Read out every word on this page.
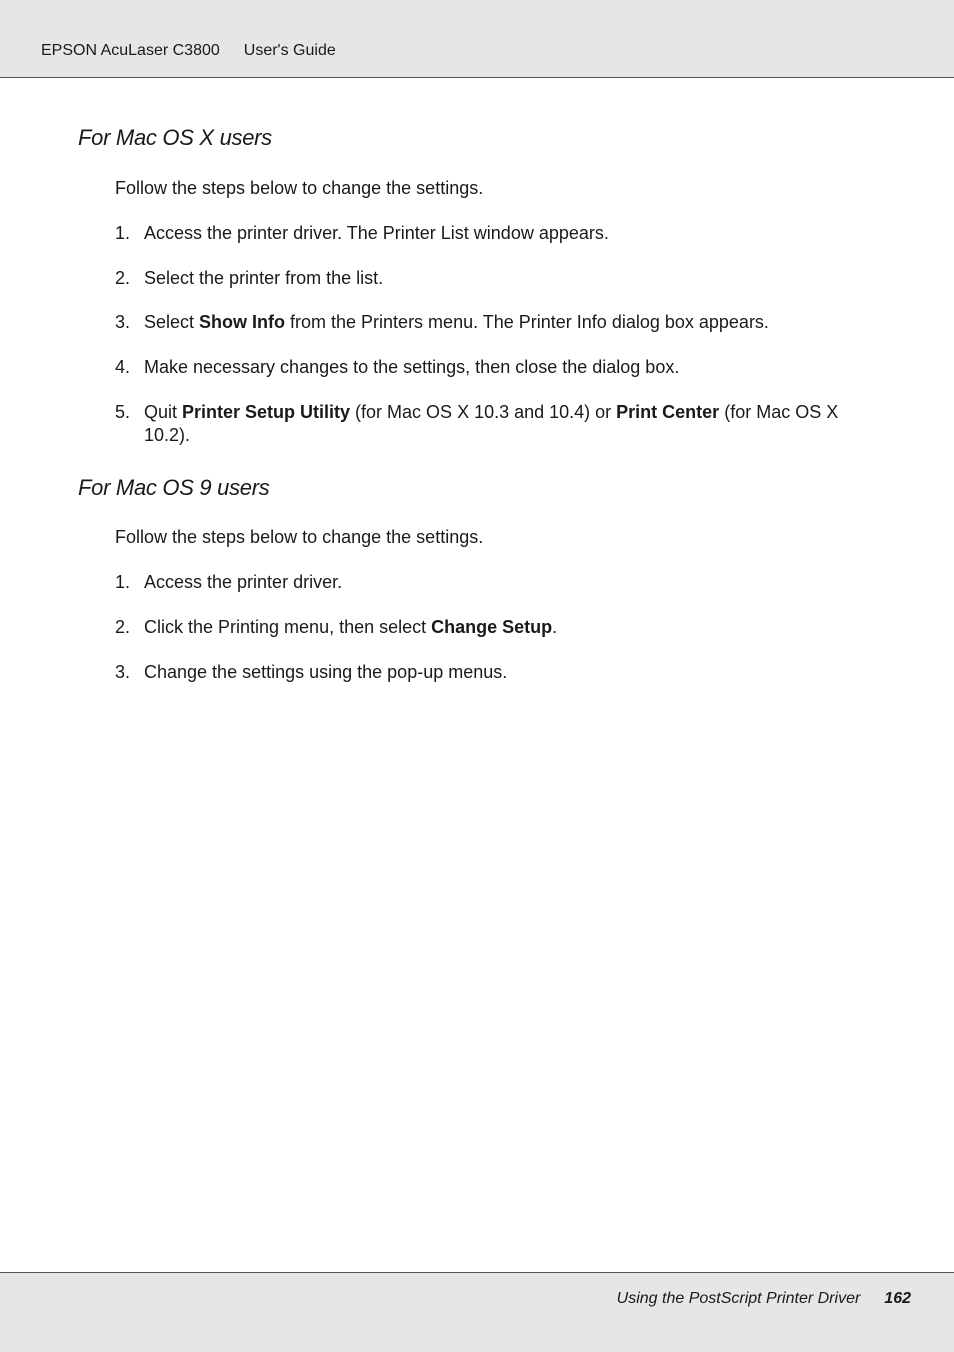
EPSON AcuLaser C3800 User's Guide
For Mac OS X users

Follow the steps below to change the settings.

1. Access the printer driver. The Printer List window appears.
2. Select the printer from the list.
3. Select Show Info from the Printers menu. The Printer Info dialog box appears.
4. Make necessary changes to the settings, then close the dialog box.
5. Quit Printer Setup Utility (for Mac OS X 10.3 and 10.4) or Print Center (for Mac OS X 10.2).
For Mac OS 9 users

Follow the steps below to change the settings.

1. Access the printer driver.
2. Click the Printing menu, then select Change Setup.
3. Change the settings using the pop-up menus.
Using the PostScript Printer Driver 162
